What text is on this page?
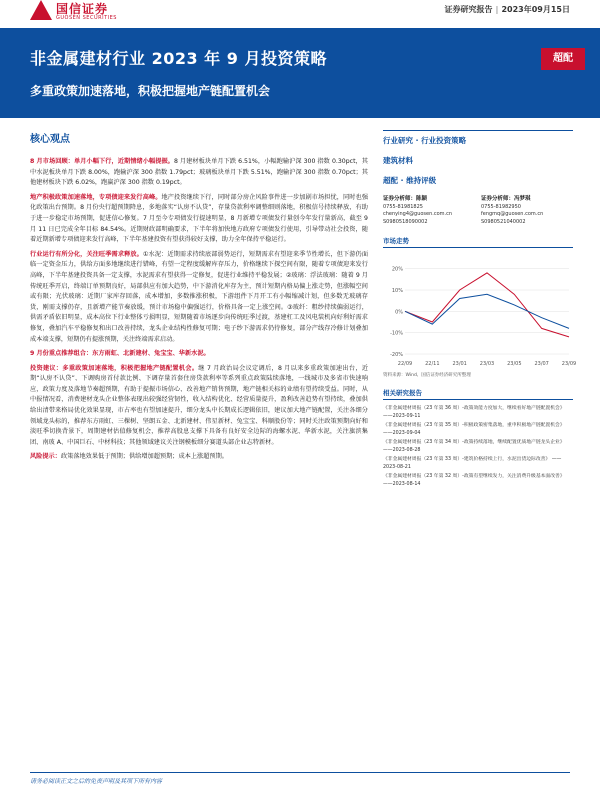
国信证券
GUOSEN SECURITIES
证券研究报告 | 2023年09月15日
非金属建材行业 2023 年 9 月投资策略
多重政策加速落地，积极把握地产链配置机会
超配
核心观点

8 月市场回顾：单月小幅下行，近期情绪小幅提振。8 月建材板块单月下跌 6.51%，小幅跑输沪深 300 指数 0.30pct，其中水泥板块单月下跌 8.00%，跑输沪深 300 指数 1.79pct；玻璃板块单月下跌 5.51%，跑输沪深 300 指数 0.70pct；其他建材板块下跌 6.02%，跑赢沪深 300 指数 0.19pct。

地产积极政策加速落地，专项债迎来发行高峰。地产投资继续下行，同时部分房企风险事件进一步加剧市场担忧，同时也强化政策出台预期。8 月份央行超预期降息，多地落实“认房不认贷”，存量贷款利率调整细则落地，积极信号持续释放，有助于进一步稳定市场预期，促进信心修复。7 月至今专项债发行提速明显，8 月新增专项债发行量创今年发行量新高，截至 9 月 11 日已完成全年目标 84.54%。近期财政部明确要求，下半年将加快地方政府专项债发行使用，引导带动社会投资，随着近期新增专项债迎来发行高峰，下半年基建投资有望获得较好支撑，助力全年保持平稳运行。

行业运行有所分化，关注旺季需求释放。①水泥：近期需求持续底部弱势运行，短期需求有望迎来季节性增长，但下游仍面临一定资金压力，供给方面多地继续进行错峰，有望一定程度缓解库存压力，价格继续下探空间有限，随着专项债迎来发行高峰，下半年基建投资具备一定支撑，水泥需求有望获得一定修复，促进行业维持平稳发展；②玻璃：浮法玻璃：随着 9 月传统旺季开启，终端订单预期良好，局部供应有加大趋势，中下游消化库存为主，预计短期内格局偏上涨走势，但涨幅空间或有限；光伏玻璃：近期厂家库存回落，成本增加，多数推涨积极，下游组件下月开工有小幅缩减计划，但多数无玻璃存货，刚需支撑仍存，且新增产能节奏放缓，预计市场稳中偏强运行，价格具备一定上涨空间。③玻纤：粗纱持续偏弱运行，供需矛盾依旧明显，成本高位下行业整体亏损明显，短期随着市场逐步向传统旺季过渡，基建杠工及风电装机向好利好需求修复，叠加汽车平稳修复和出口改善持续，龙头企业结构性修复可期；电子纱下游需求仍待修复，部分产线存冷修计划叠加成本端支撑，短期仍有提涨预期，关注终端需求启动。

9 月份重点推荐组合：东方雨虹、北新建材、兔宝宝、华新水泥。

投资建议：多重政策加速落地，积极把握地产链配置机会。继 7 月政治局会议定调后，8 月以来多重政策加速出台，近期“认房不认贷”、下调购房首付款比例、下调存量首套住房贷款利率等系列重点政策陆续落地，一线城市及多省市快速响应，政策力度及落地节奏超预期，有助于提振市场信心、改善地产销售预期，地产链相关标的业绩有望持续受益。同时，从中报情况看，消费建材龙头企业整体表现出较强经营韧性，收入结构优化、经营质量提升，盈利改善趋势有望持续，叠加供给出清带来格局优化效果显现，市占率也有望加速提升，细分龙头中长期成长逻辑依旧，建议加大地产链配置，关注各细分领域龙头标的，推荐东方雨虹、三棵树、坚朗五金、北新建材、伟星新材、兔宝宝、科顺股份等；同时关注政策预期向好和淡旺季切换背景下，周期建材估值修复机会，推荐高股息支撑下具备有良好安全边际的海螺水泥、华新水泥，关注旗滨集团、南玻 A、中国巨石、中材科技；其他领域建议关注钢模板细分赛道头部企业志特新材。

风险提示：政策落地效果低于预期；供给增加超预期；成本上涨超预期。

行业研究 · 行业投资策略
建筑材料
超配 · 维持评级
证券分析师：陈颖
0755-81981825
chenying4@guosen.com.cn
S0980518090002
证券分析师：冯梦琪
0755-81982950
fengmq@guosen.com.cn
S0980521040002
市场走势
-20%
-10%
0%
10%
20%
22/09	22/11	23/01	23/03	23/05	23/07	23/09
资料来源：Wind、国信证券经济研究所整理
相关研究报告
《非金属建材周报（23 年第 36 周）-政策效能力度加大，继续看好地产链配置机会》 ——2023-09-11
《非金属建材周报（23 年第 35 周）-积极政策密集落地，重申积极地产链配置机会》 ——2023-09-04
《非金属建材周报（23 年第 34 周）-政策持续落地，继续配置优质地产链龙头企业》 ——2023-08-28
《非金属建材周报（23 年第 33 周）-建筑价格持续上行，水泥出货边际改善》 ——2023-08-21
《非金属建材周报（23 年第 32 周）-政策有望继续发力，关注消费升级基本面改善》 ——2023-08-14
请务必阅读正文之后的免责声明及其项下所有内容
